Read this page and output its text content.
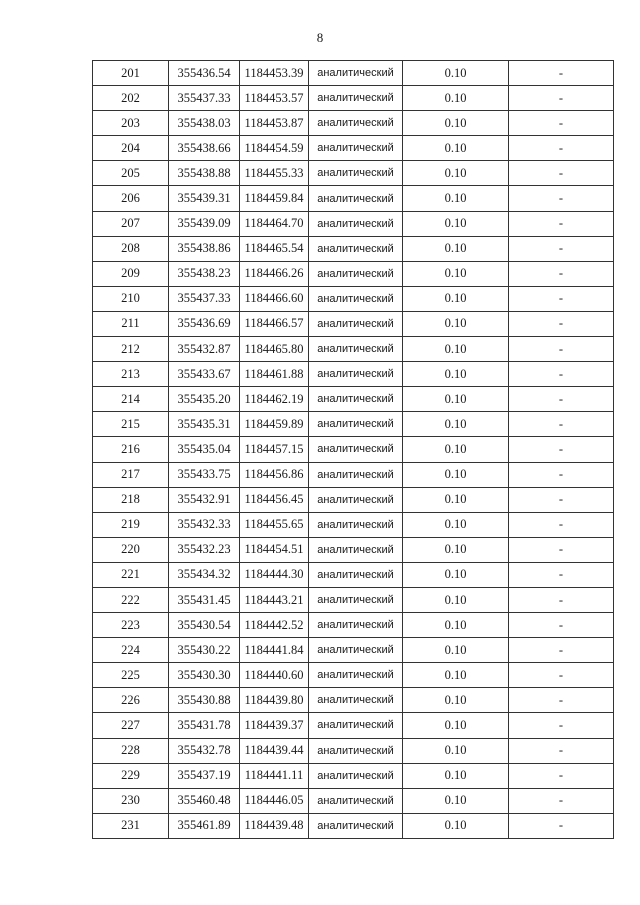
8
201	355436.54	1184453.39	аналитический	0.10	-
202	355437.33	1184453.57	аналитический	0.10	-
203	355438.03	1184453.87	аналитический	0.10	-
204	355438.66	1184454.59	аналитический	0.10	-
205	355438.88	1184455.33	аналитический	0.10	-
206	355439.31	1184459.84	аналитический	0.10	-
207	355439.09	1184464.70	аналитический	0.10	-
208	355438.86	1184465.54	аналитический	0.10	-
209	355438.23	1184466.26	аналитический	0.10	-
210	355437.33	1184466.60	аналитический	0.10	-
211	355436.69	1184466.57	аналитический	0.10	-
212	355432.87	1184465.80	аналитический	0.10	-
213	355433.67	1184461.88	аналитический	0.10	-
214	355435.20	1184462.19	аналитический	0.10	-
215	355435.31	1184459.89	аналитический	0.10	-
216	355435.04	1184457.15	аналитический	0.10	-
217	355433.75	1184456.86	аналитический	0.10	-
218	355432.91	1184456.45	аналитический	0.10	-
219	355432.33	1184455.65	аналитический	0.10	-
220	355432.23	1184454.51	аналитический	0.10	-
221	355434.32	1184444.30	аналитический	0.10	-
222	355431.45	1184443.21	аналитический	0.10	-
223	355430.54	1184442.52	аналитический	0.10	-
224	355430.22	1184441.84	аналитический	0.10	-
225	355430.30	1184440.60	аналитический	0.10	-
226	355430.88	1184439.80	аналитический	0.10	-
227	355431.78	1184439.37	аналитический	0.10	-
228	355432.78	1184439.44	аналитический	0.10	-
229	355437.19	1184441.11	аналитический	0.10	-
230	355460.48	1184446.05	аналитический	0.10	-
231	355461.89	1184439.48	аналитический	0.10	-
